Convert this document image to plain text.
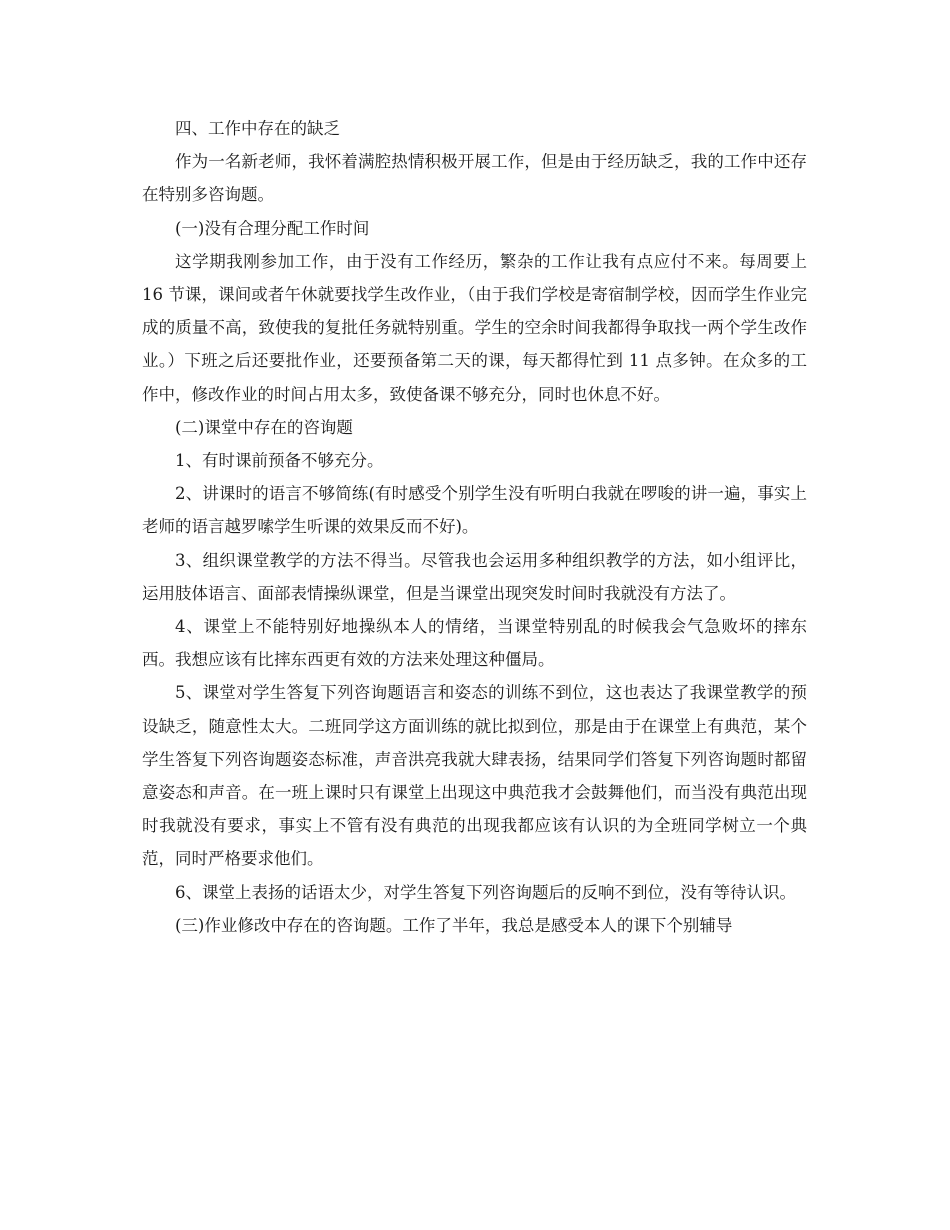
四、工作中存在的缺乏

作为一名新老师，我怀着满腔热情积极开展工作，但是由于经历缺乏，我的工作中还存在特别多咨询题。

(一)没有合理分配工作时间

这学期我刚参加工作，由于没有工作经历，繁杂的工作让我有点应付不来。每周要上 16 节课，课间或者午休就要找学生改作业，（由于我们学校是寄宿制学校，因而学生作业完成的质量不高，致使我的复批任务就特别重。学生的空余时间我都得争取找一两个学生改作业。）下班之后还要批作业，还要预备第二天的课，每天都得忙到 11 点多钟。在众多的工作中，修改作业的时间占用太多，致使备课不够充分，同时也休息不好。

(二)课堂中存在的咨询题

1、有时课前预备不够充分。

2、讲课时的语言不够简练(有时感受个别学生没有听明白我就在啰唆的讲一遍，事实上老师的语言越罗嗦学生听课的效果反而不好)。

3、组织课堂教学的方法不得当。尽管我也会运用多种组织教学的方法，如小组评比，运用肢体语言、面部表情操纵课堂，但是当课堂出现突发时间时我就没有方法了。

4、课堂上不能特别好地操纵本人的情绪，当课堂特别乱的时候我会气急败坏的摔东西。我想应该有比摔东西更有效的方法来处理这种僵局。

5、课堂对学生答复下列咨询题语言和姿态的训练不到位，这也表达了我课堂教学的预设缺乏，随意性太大。二班同学这方面训练的就比拟到位，那是由于在课堂上有典范，某个学生答复下列咨询题姿态标准，声音洪亮我就大肆表扬，结果同学们答复下列咨询题时都留意姿态和声音。在一班上课时只有课堂上出现这中典范我才会鼓舞他们，而当没有典范出现时我就没有要求，事实上不管有没有典范的出现我都应该有认识的为全班同学树立一个典范，同时严格要求他们。

6、课堂上表扬的话语太少，对学生答复下列咨询题后的反响不到位，没有等待认识。

(三)作业修改中存在的咨询题。工作了半年，我总是感受本人的课下个别辅导
